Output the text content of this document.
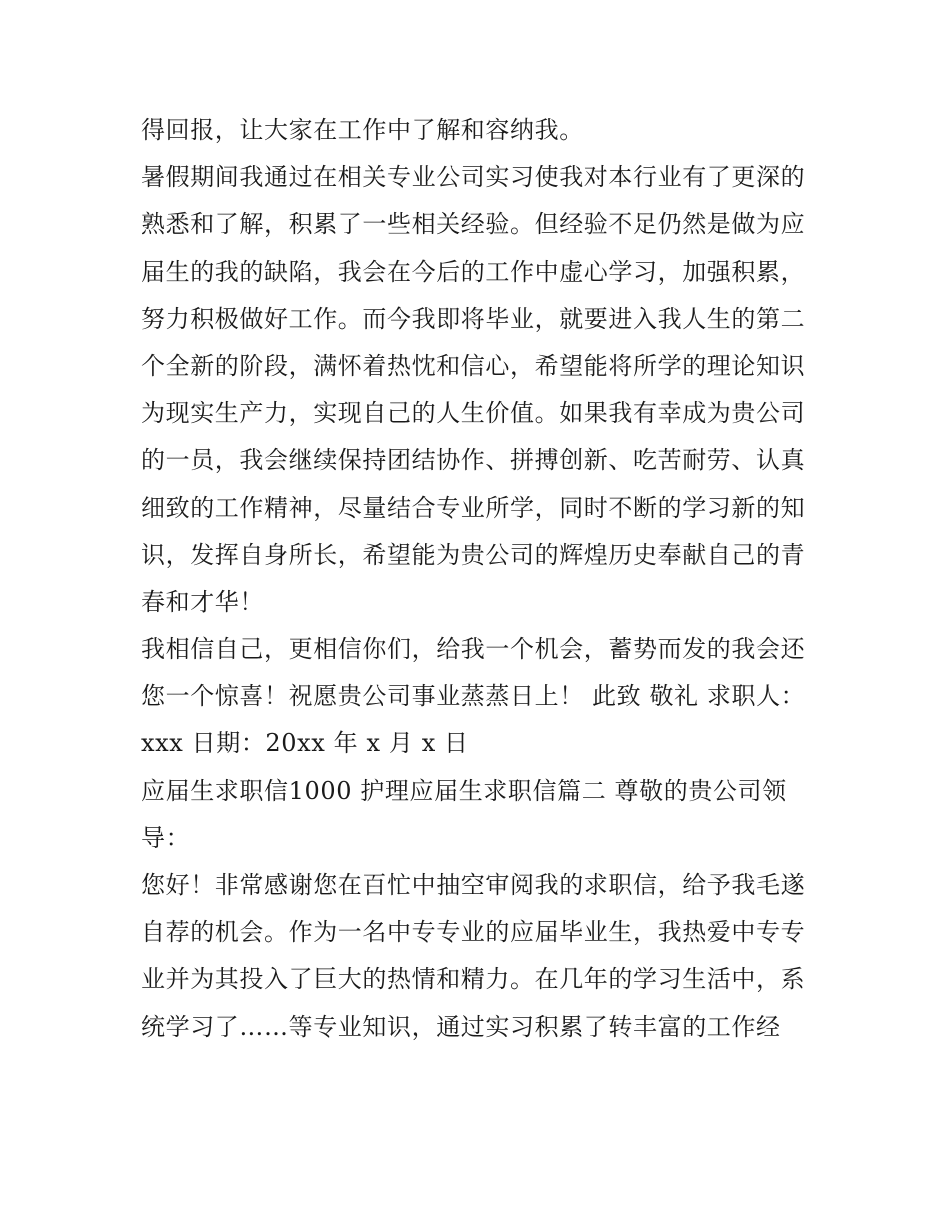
得回报，让大家在工作中了解和容纳我。
暑假期间我通过在相关专业公司实习使我对本行业有了更深的
熟悉和了解，积累了一些相关经验。但经验不足仍然是做为应
届生的我的缺陷，我会在今后的工作中虚心学习，加强积累，
努力积极做好工作。而今我即将毕业，就要进入我人生的第二
个全新的阶段，满怀着热忱和信心，希望能将所学的理论知识
为现实生产力，实现自己的人生价值。如果我有幸成为贵公司
的一员，我会继续保持团结协作、拼搏创新、吃苦耐劳、认真
细致的工作精神，尽量结合专业所学，同时不断的学习新的知
识，发挥自身所长，希望能为贵公司的辉煌历史奉献自己的青
春和才华！
我相信自己，更相信你们，给我一个机会，蓄势而发的我会还
您一个惊喜！祝愿贵公司事业蒸蒸日上！ 此致 敬礼 求职人：
xxx 日期：20xx 年 x 月 x 日
应届生求职信1000 护理应届生求职信篇二 尊敬的贵公司领
导：
您好！非常感谢您在百忙中抽空审阅我的求职信，给予我毛遂
自荐的机会。作为一名中专专业的应届毕业生，我热爱中专专
业并为其投入了巨大的热情和精力。在几年的学习生活中，系
统学习了……等专业知识，通过实习积累了转丰富的工作经
